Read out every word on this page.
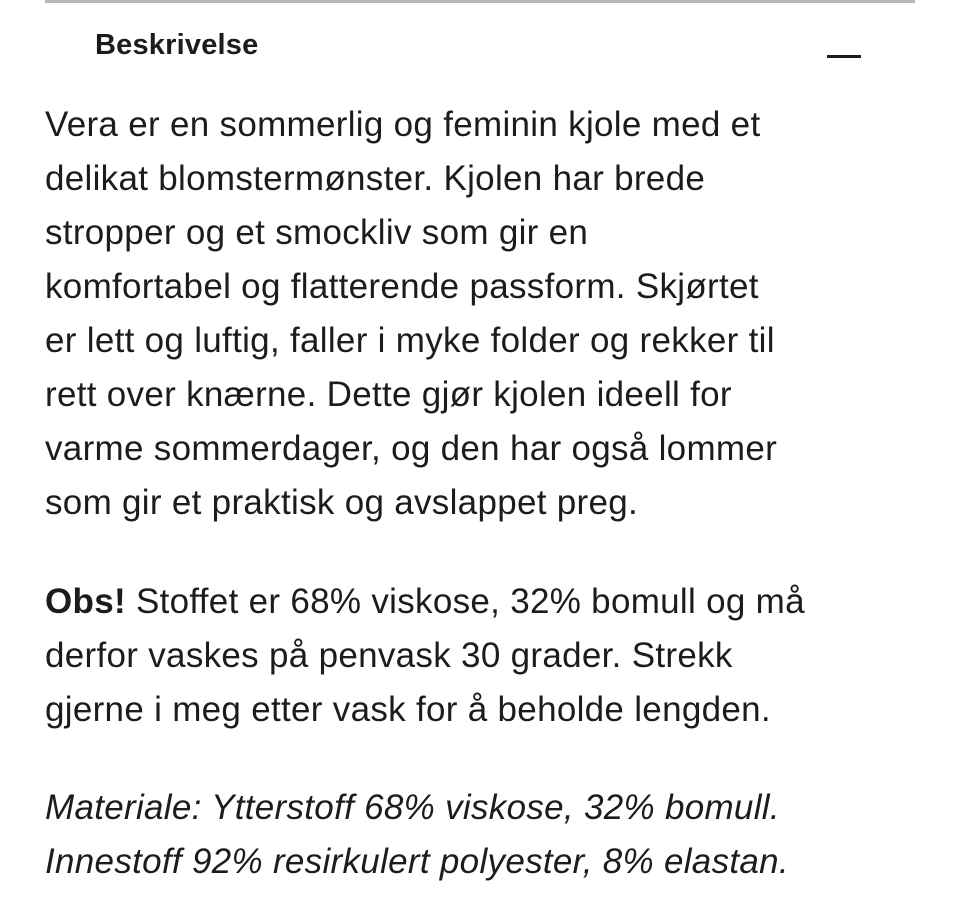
Beskrivelse

Vera er en sommerlig og feminin kjole med et
delikat blomstermønster. Kjolen har brede
stropper og et smockliv som gir en
komfortabel og flatterende passform. Skjørtet
er lett og luftig, faller i myke folder og rekker til
rett over knærne. Dette gjør kjolen ideell for
varme sommerdager, og den har også lommer
som gir et praktisk og avslappet preg.

Obs! Stoffet er 68% viskose, 32% bomull og må
derfor vaskes på penvask 30 grader. Strekk
gjerne i meg etter vask for å beholde lengden.

Materiale: Ytterstoff 68% viskose, 32% bomull.
Innestoff 92% resirkulert polyester, 8% elastan.
